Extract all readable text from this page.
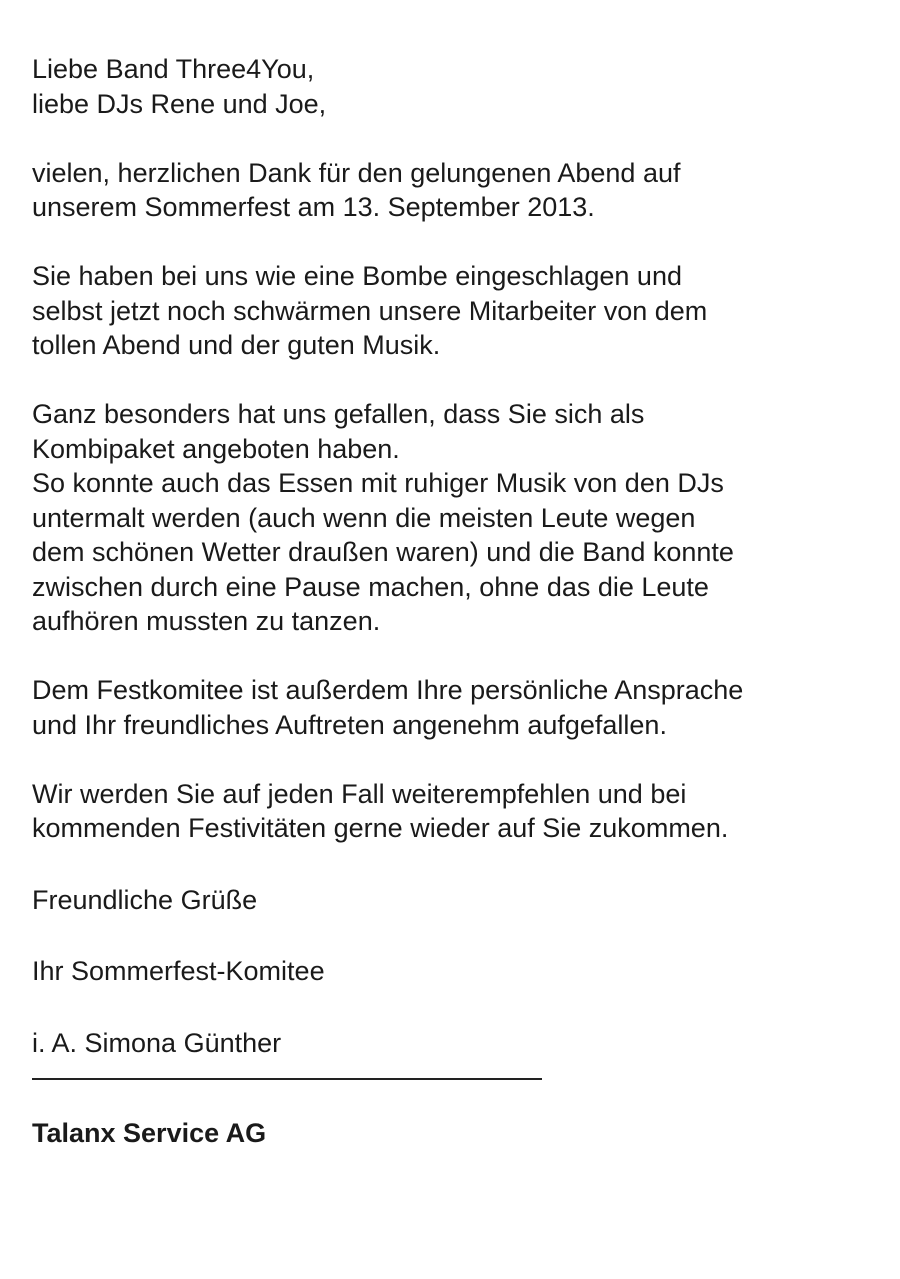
Liebe Band Three4You,
liebe DJs Rene und Joe,
vielen, herzlichen Dank für den gelungenen Abend auf
unserem Sommerfest am 13. September 2013.
Sie haben bei uns wie eine Bombe eingeschlagen und
selbst jetzt noch schwärmen unsere Mitarbeiter von dem
tollen Abend und der guten Musik.
Ganz besonders hat uns gefallen, dass Sie sich als
Kombipaket angeboten haben.
So konnte auch das Essen mit ruhiger Musik von den DJs
untermalt werden (auch wenn die meisten Leute wegen
dem schönen Wetter draußen waren) und die Band konnte
zwischen durch eine Pause machen, ohne das die Leute
aufhören mussten zu tanzen.
Dem Festkomitee ist außerdem Ihre persönliche Ansprache
und Ihr freundliches Auftreten angenehm aufgefallen.
Wir werden Sie auf jeden Fall weiterempfehlen und bei
kommenden Festivitäten gerne wieder auf Sie zukommen.
Freundliche Grüße
Ihr Sommerfest-Komitee
i. A. Simona Günther
Talanx Service AG
